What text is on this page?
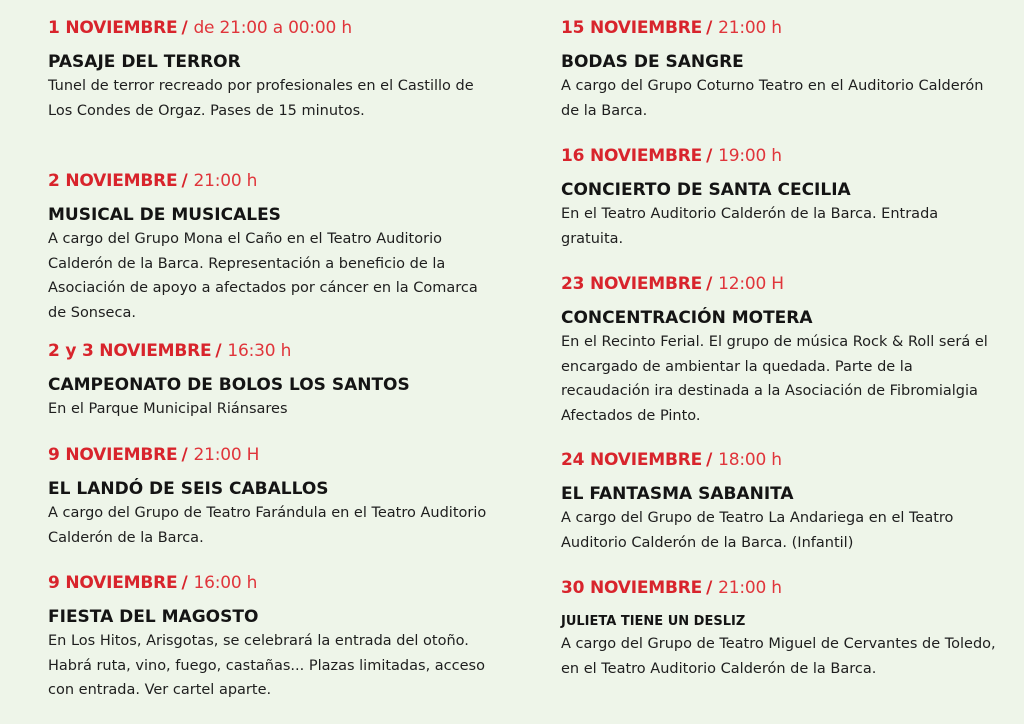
1 NOVIEMBRE / de 21:00 a 00:00 h
PASAJE DEL TERROR
Tunel de terror recreado por profesionales en el Castillo de Los Condes de Orgaz. Pases de 15 minutos.
2 NOVIEMBRE / 21:00 h
MUSICAL DE MUSICALES
A cargo del Grupo Mona el Caño en el Teatro Auditorio Calderón de la Barca. Representación a beneficio de la Asociación de apoyo a afectados por cáncer en la Comarca de Sonseca.
2 y 3 NOVIEMBRE / 16:30 h
CAMPEONATO DE BOLOS LOS SANTOS
En el Parque Municipal Riánsares
9 NOVIEMBRE / 21:00 H
EL LANDÓ DE SEIS CABALLOS
A cargo del Grupo de Teatro Farándula en el Teatro Auditorio Calderón de la Barca.
9 NOVIEMBRE / 16:00 h
FIESTA DEL MAGOSTO
En Los Hitos, Arisgotas, se celebrará la entrada del otoño. Habrá ruta, vino, fuego, castañas... Plazas limitadas, acceso con entrada. Ver cartel aparte.
15 NOVIEMBRE / 21:00 h
BODAS DE SANGRE
A cargo del Grupo Coturno Teatro en el Auditorio Calderón de la Barca.
16 NOVIEMBRE / 19:00 h
CONCIERTO DE SANTA CECILIA
En el Teatro Auditorio Calderón de la Barca. Entrada gratuita.
23 NOVIEMBRE / 12:00 H
CONCENTRACIÓN MOTERA
En el Recinto Ferial. El grupo de música Rock & Roll será el encargado de ambientar la quedada. Parte de la recaudación ira destinada a la Asociación de Fibromialgia Afectados de Pinto.
24 NOVIEMBRE / 18:00 h
EL FANTASMA SABANITA
A cargo del Grupo de Teatro La Andariega en el Teatro Auditorio Calderón de la Barca. (Infantil)
30 NOVIEMBRE / 21:00 h
JULIETA TIENE UN DESLIZ
A cargo del Grupo de Teatro Miguel de Cervantes de Toledo, en el Teatro Auditorio Calderón de la Barca.
